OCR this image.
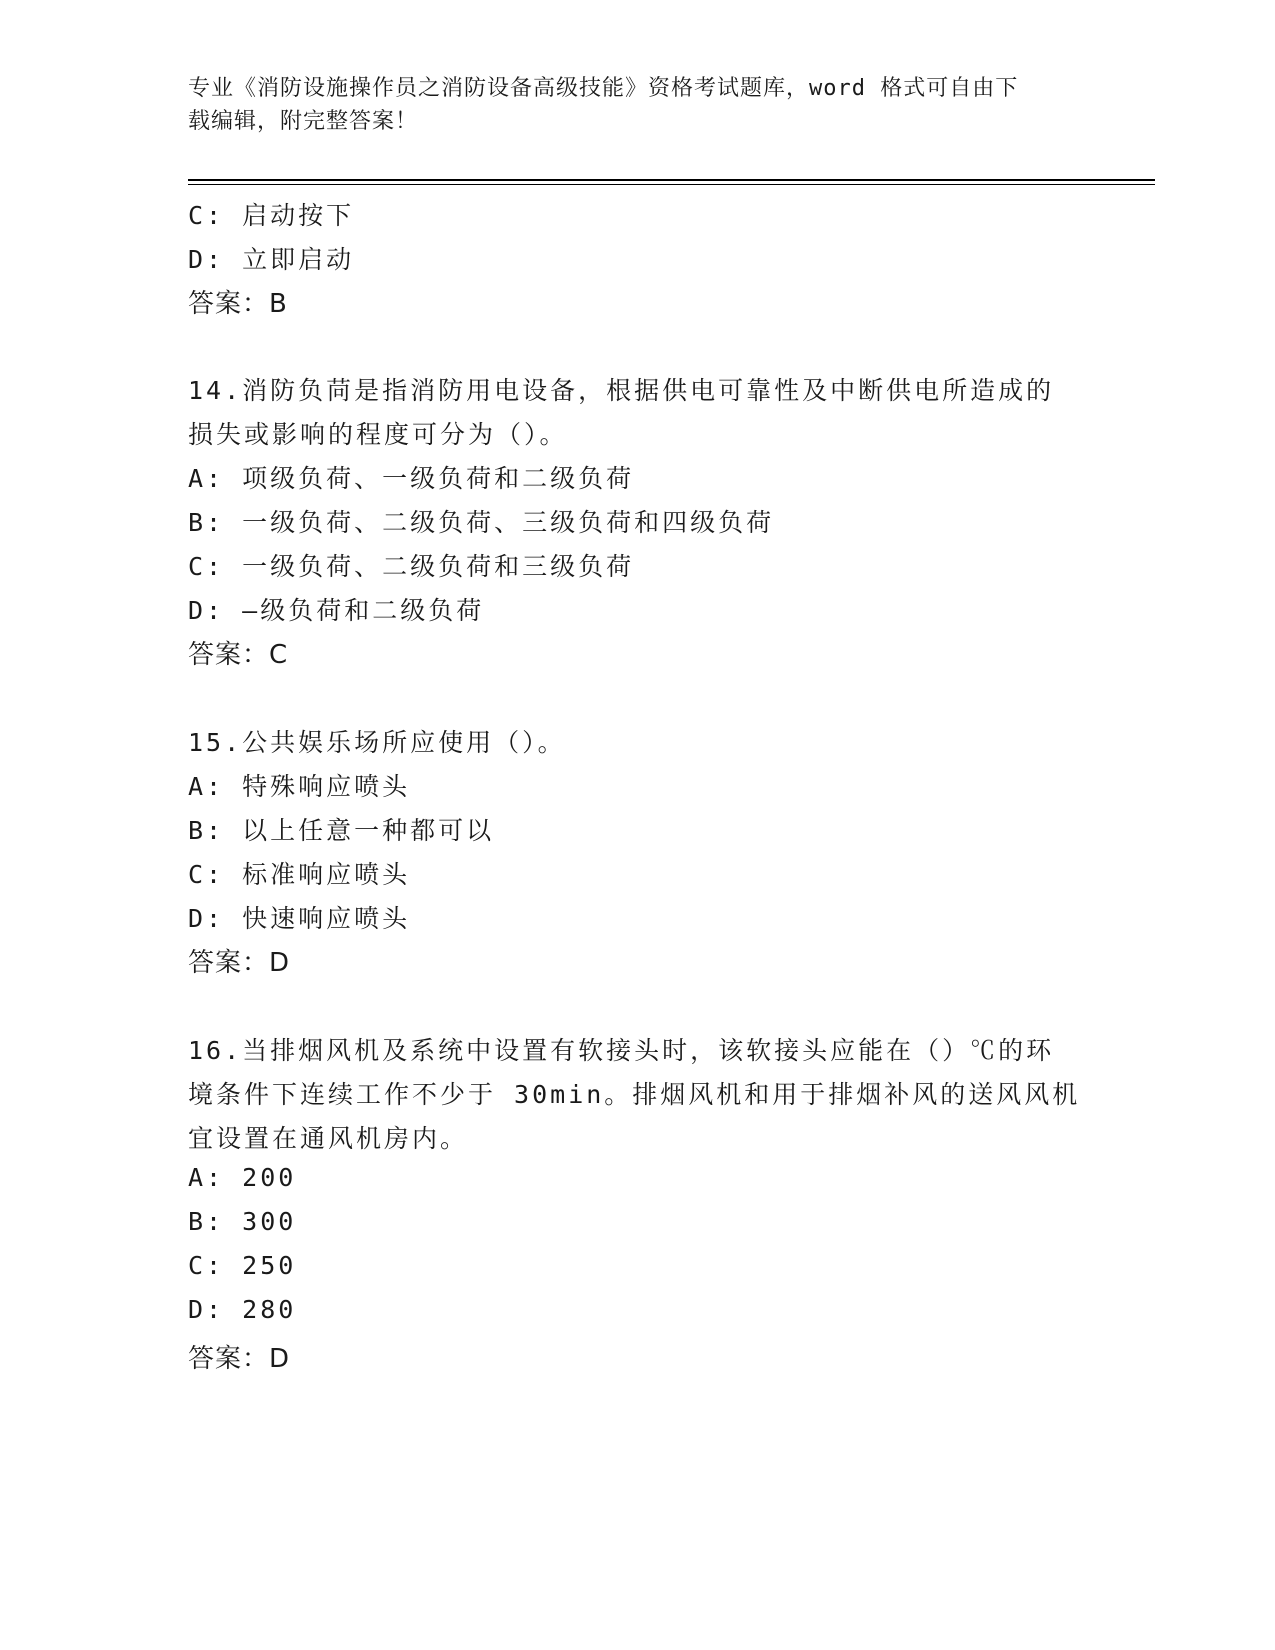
专业《消防设施操作员之消防设备高级技能》资格考试题库，word 格式可自由下
载编辑，附完整答案！
C: 启动按下
D: 立即启动
答案：B
14.消防负苘是指消防用电设备，根据供电可靠性及中断供电所造成的
损失或影响的程度可分为（）。
A: 项级负荷、一级负荷和二级负荷
B: 一级负荷、二级负荷、三级负荷和四级负荷
C: 一级负荷、二级负荷和三级负荷
D: —级负荷和二级负荷
答案：C
15.公共娱乐场所应使用（）。
A: 特殊响应喷头
B: 以上任意一种都可以
C: 标准响应喷头
D: 快速响应喷头
答案：D
16.当排烟风机及系统中设置有软接头时，该软接头应能在（）℃的环
境条件下连续工作不少于 30min。排烟风机和用于排烟补风的送风风机
宜设置在通风机房内。
A: 200
B: 300
C: 250
D: 280
答案：D
